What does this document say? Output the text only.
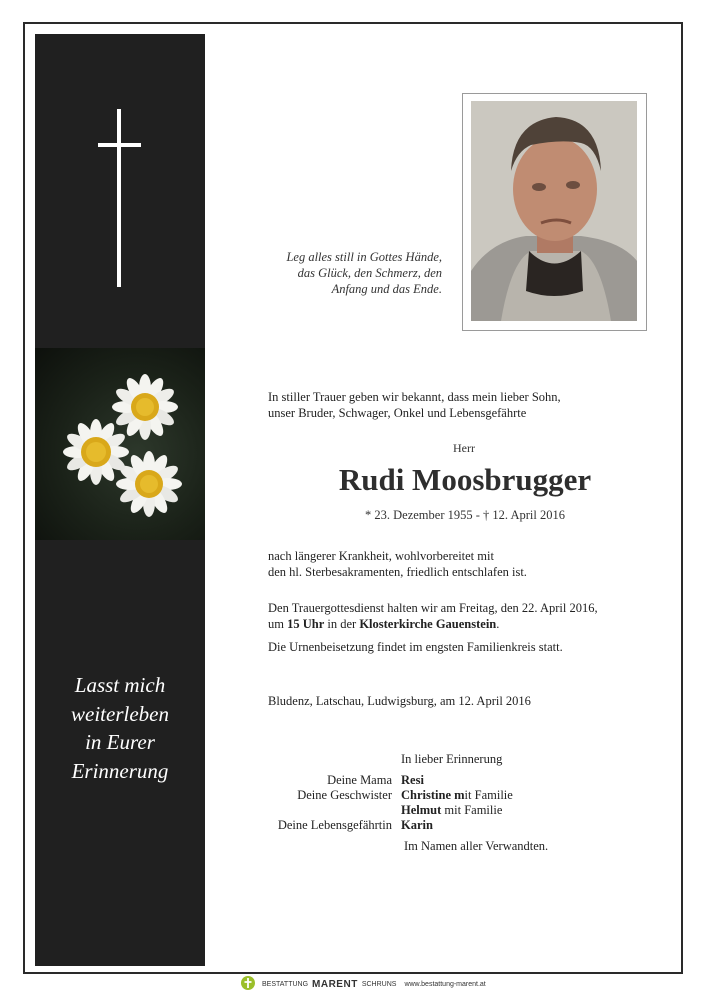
Lasst mich
weiterleben
in Eurer
Erinnerung
Leg alles still in Gottes Hände,
das Glück, den Schmerz, den
Anfang und das Ende.
In stiller Trauer geben wir bekannt, dass mein lieber Sohn,
unser Bruder, Schwager, Onkel und Lebensgefährte
Herr
Rudi Moosbrugger
* 23. Dezember 1955 - † 12. April 2016
nach längerer Krankheit, wohlvorbereitet mit
den hl. Sterbesakramenten, friedlich entschlafen ist.
Den Trauergottesdienst halten wir am Freitag, den 22. April 2016,
um 15 Uhr in der Klosterkirche Gauenstein.
Die Urnenbeisetzung findet im engsten Familienkreis statt.
Bludenz, Latschau, Ludwigsburg, am 12. April 2016
In lieber Erinnerung
Deine Mama Resi
Deine Geschwister Christine mit Familie
Helmut mit Familie
Deine Lebensgefährtin Karin
Im Namen aller Verwandten.
BESTATTUNG MARENT SCHRUNS www.bestattung-marent.at
